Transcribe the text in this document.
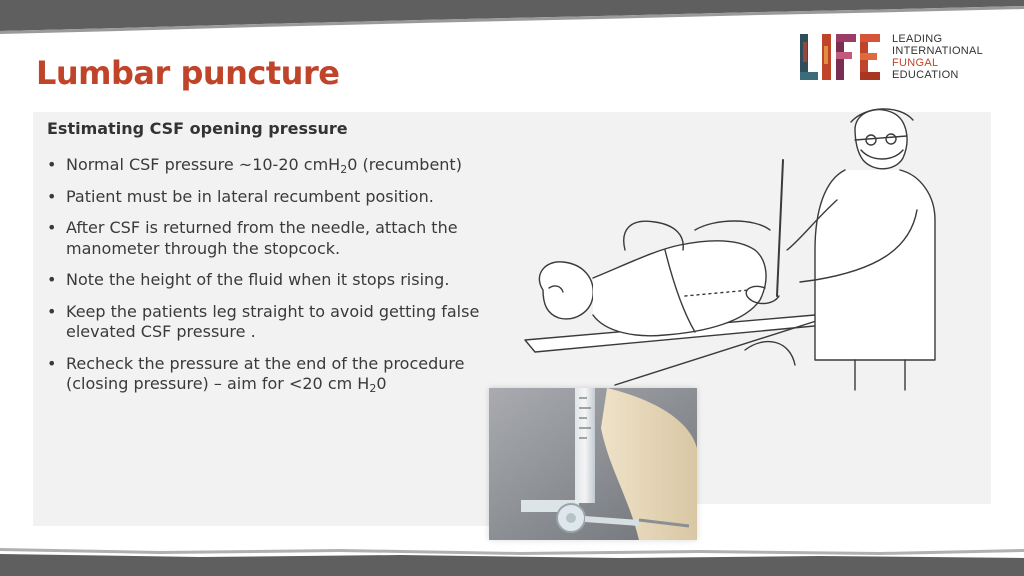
Lumbar puncture
LEADING
INTERNATIONAL
FUNGAL
EDUCATION
Estimating CSF opening pressure
• Normal CSF pressure ~10-20 cmH$_2$0 (recumbent)
• Patient must be in lateral recumbent position.
• After CSF is returned from the needle, attach the manometer through the stopcock.
• Note the height of the fluid when it stops rising.
• Keep the patients leg straight to avoid getting false elevated CSF pressure .
• Recheck the pressure at the end of the procedure (closing pressure) – aim for <20 cm $H_20$
